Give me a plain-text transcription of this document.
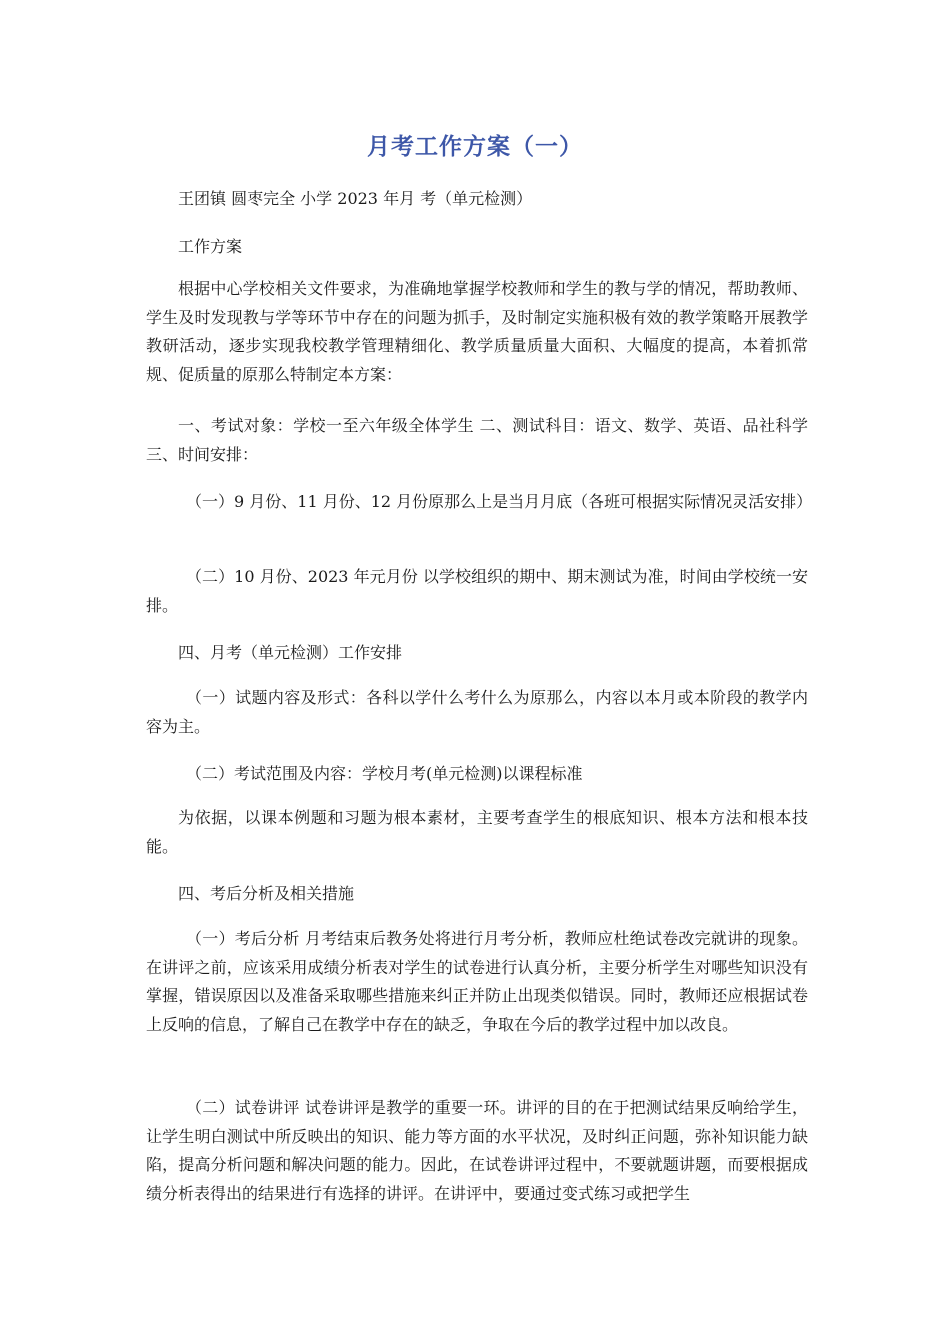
月考工作方案（一）

王团镇 圆枣完全 小学 2023 年月 考（单元检测）

工作方案

根据中心学校相关文件要求，为准确地掌握学校教师和学生的教与学的情况，帮助教师、学生及时发现教与学等环节中存在的问题为抓手，及时制定实施积极有效的教学策略开展教学教研活动，逐步实现我校教学管理精细化、教学质量质量大面积、大幅度的提高，本着抓常规、促质量的原那么特制定本方案：

一、考试对象：学校一至六年级全体学生 二、测试科目：语文、数学、英语、品社科学 三、时间安排：

（一）9 月份、11 月份、12 月份原那么上是当月月底（各班可根据实际情况灵活安排）

（二）10 月份、2023 年元月份 以学校组织的期中、期末测试为准，时间由学校统一安排。

四、月考（单元检测）工作安排

（一）试题内容及形式：各科以学什么考什么为原那么，内容以本月或本阶段的教学内容为主。

（二）考试范围及内容：学校月考(单元检测)以课程标准

为依据，以课本例题和习题为根本素材，主要考查学生的根底知识、根本方法和根本技能。

四、考后分析及相关措施

（一）考后分析 月考结束后教务处将进行月考分析，教师应杜绝试卷改完就讲的现象。在讲评之前，应该采用成绩分析表对学生的试卷进行认真分析，主要分析学生对哪些知识没有掌握，错误原因以及准备采取哪些措施来纠正并防止出现类似错误。同时，教师还应根据试卷上反响的信息，了解自己在教学中存在的缺乏，争取在今后的教学过程中加以改良。

（二）试卷讲评 试卷讲评是教学的重要一环。讲评的目的在于把测试结果反响给学生，让学生明白测试中所反映出的知识、能力等方面的水平状况，及时纠正问题，弥补知识能力缺陷，提高分析问题和解决问题的能力。因此，在试卷讲评过程中，不要就题讲题，而要根据成绩分析表得出的结果进行有选择的讲评。在讲评中，要通过变式练习或把学生
